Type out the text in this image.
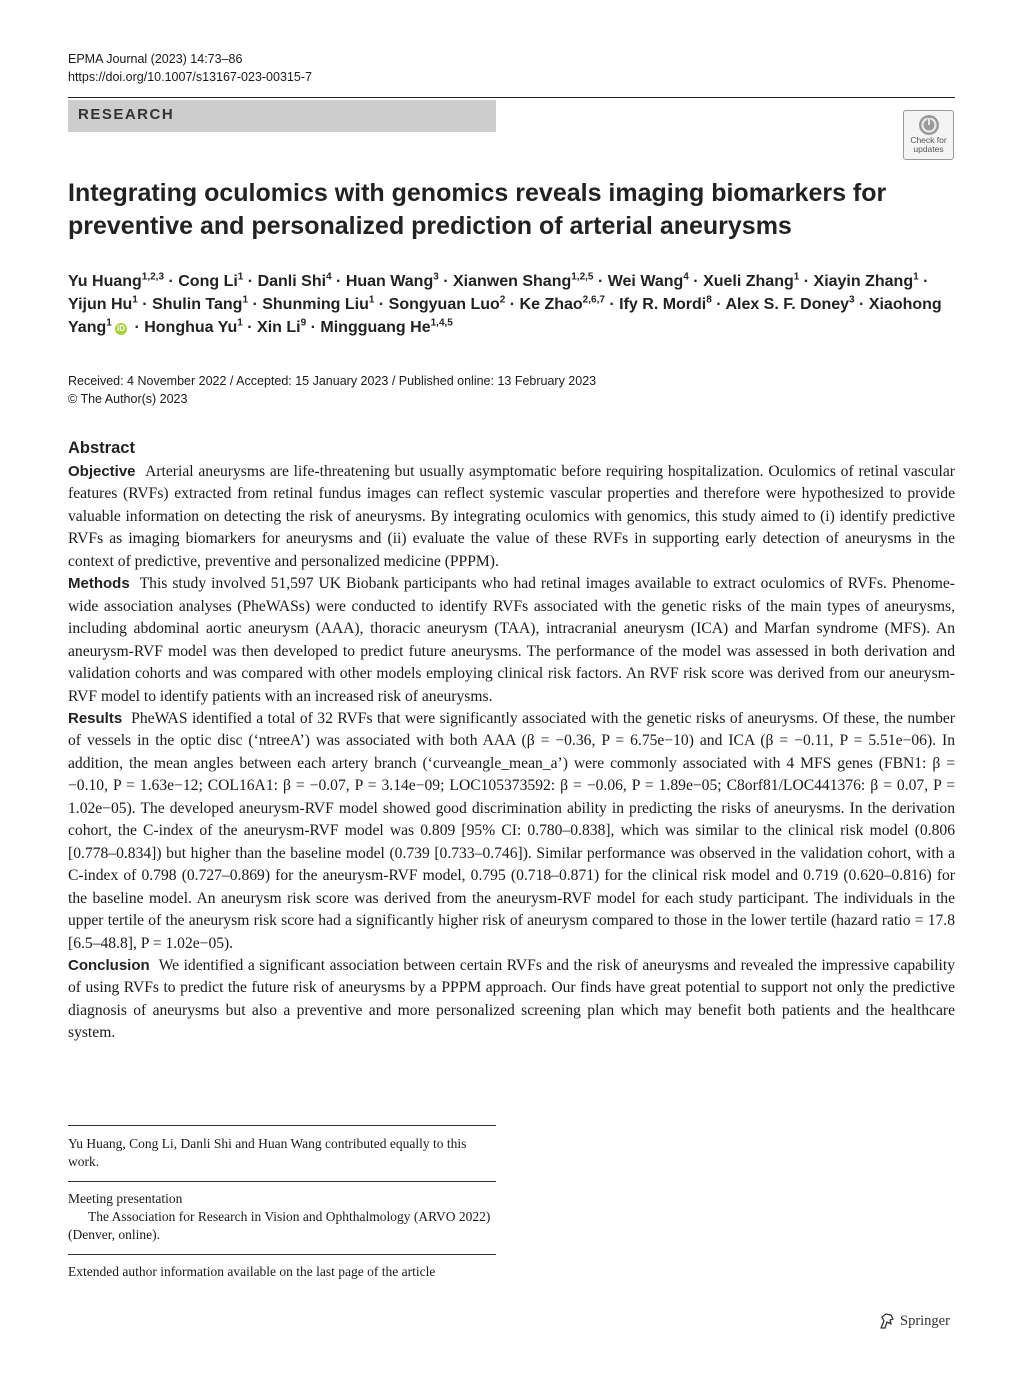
EPMA Journal (2023) 14:73–86
https://doi.org/10.1007/s13167-023-00315-7
RESEARCH
Check for
updates
Integrating oculomics with genomics reveals imaging biomarkers for preventive and personalized prediction of arterial aneurysms
Yu Huang$^{1,2,3}$ · Cong $Li^1$ · Danli Shi$^4$ · Huan Wang$^3$ · Xianwen Shang$^{1,2,5}$ · Wei Wang$^4$ · Xueli Zhang$^1$ · Xiayin Zhang$^1$ · Yijun $Hu^1$ · Shulin Tang$^1$ · Shunming Liu$^1$ · Songyuan Luo$^2$ · Ke Zhao$^{2,6,7}$ · Ify R. Mordi$^8$ · Alex S. F. Doney$^3$ · Xiaohong Yang$^1$  iD · Honghua $Yu^1$ · Xin $Li^9$ · Mingguang He$^{1,4,5}$
Received: 4 November 2022 / Accepted: 15 January 2023 / Published online: 13 February 2023
© The Author(s) 2023
Abstract

Objective Arterial aneurysms are life-threatening but usually asymptomatic before requiring hospitalization. Oculomics of retinal vascular features (RVFs) extracted from retinal fundus images can reflect systemic vascular properties and therefore were hypothesized to provide valuable information on detecting the risk of aneurysms. By integrating oculomics with genomics, this study aimed to (i) identify predictive RVFs as imaging biomarkers for aneurysms and (ii) evaluate the value of these RVFs in supporting early detection of aneurysms in the context of predictive, preventive and personalized medicine (PPPM).

Methods This study involved 51,597 UK Biobank participants who had retinal images available to extract oculomics of RVFs. Phenome-wide association analyses (PheWASs) were conducted to identify RVFs associated with the genetic risks of the main types of aneurysms, including abdominal aortic aneurysm (AAA), thoracic aneurysm (TAA), intracranial aneurysm (ICA) and Marfan syndrome (MFS). An aneurysm-RVF model was then developed to predict future aneurysms. The performance of the model was assessed in both derivation and validation cohorts and was compared with other models employing clinical risk factors. An RVF risk score was derived from our aneurysm-RVF model to identify patients with an increased risk of aneurysms.

Results PheWAS identified a total of 32 RVFs that were significantly associated with the genetic risks of aneurysms. Of these, the number of vessels in the optic disc (‘ntreeA’) was associated with both AAA (β = −0.36, P = 6.75e−10) and ICA (β = −0.11, P = 5.51e−06). In addition, the mean angles between each artery branch (‘curveangle_mean_a’) were commonly associated with 4 MFS genes (FBN1: β = −0.10, P = 1.63e−12; COL16A1: β = −0.07, P = 3.14e−09; LOC105373592: β = −0.06, P = 1.89e−05; C8orf81/LOC441376: β = 0.07, P = 1.02e−05). The developed aneurysm-RVF model showed good discrimination ability in predicting the risks of aneurysms. In the derivation cohort, the C-index of the aneurysm-RVF model was 0.809 [95% CI: 0.780–0.838], which was similar to the clinical risk model (0.806 [0.778–0.834]) but higher than the baseline model (0.739 [0.733–0.746]). Similar performance was observed in the validation cohort, with a C-index of 0.798 (0.727–0.869) for the aneurysm-RVF model, 0.795 (0.718–0.871) for the clinical risk model and 0.719 (0.620–0.816) for the baseline model. An aneurysm risk score was derived from the aneurysm-RVF model for each study participant. The individuals in the upper tertile of the aneurysm risk score had a significantly higher risk of aneurysm compared to those in the lower tertile (hazard ratio = 17.8 [6.5–48.8], P = 1.02e−05).

Conclusion We identified a significant association between certain RVFs and the risk of aneurysms and revealed the impressive capability of using RVFs to predict the future risk of aneurysms by a PPPM approach. Our finds have great potential to support not only the predictive diagnosis of aneurysms but also a preventive and more personalized screening plan which may benefit both patients and the healthcare system.

Yu Huang, Cong Li, Danli Shi and Huan Wang contributed equally to this work.
Meeting presentation
The Association for Research in Vision and Ophthalmology (ARVO 2022) (Denver, online).
Extended author information available on the last page of the article
Springer
